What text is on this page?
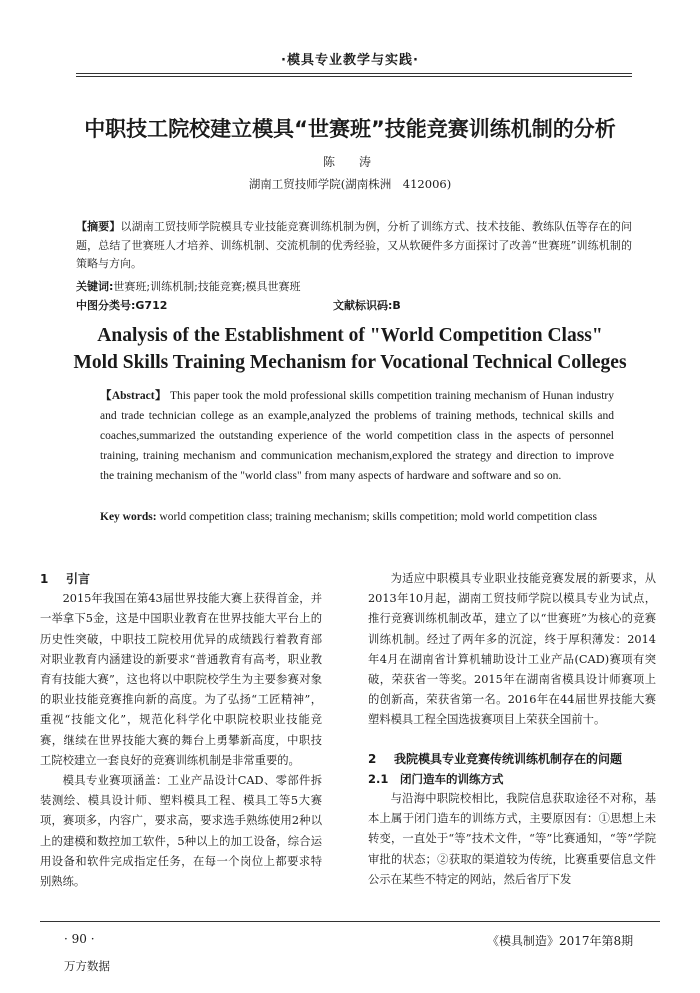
·模具专业教学与实践·
中职技工院校建立模具“世赛班”技能竞赛训练机制的分析
陈　涛
湖南工贸技师学院(湖南株洲　412006)
【摘要】以湖南工贸技师学院模具专业技能竞赛训练机制为例，分析了训练方式、技术技能、教练队伍等存在的问题，总结了世赛班人才培养、训练机制、交流机制的优秀经验，又从软硬件多方面探讨了改善“世赛班”训练机制的策略与方向。
关键词:世赛班;训练机制;技能竞赛;模具世赛班
中图分类号:G712	文献标识码:B
Analysis of the Establishment of "World Competition Class"
Mold Skills Training Mechanism for Vocational Technical Colleges
【Abstract】 This paper took the mold professional skills competition training mechanism of Hunan industry and trade technician college as an example,analyzed the problems of training methods, technical skills and coaches,summarized the outstanding experience of the world competition class in the aspects of personnel training, training mechanism and communication mechanism,explored the strategy and direction to improve the training mechanism of the "world class" from many aspects of hardware and software and so on.
Key words: world competition class; training mechanism; skills competition; mold world competition class
1 引言

2015年我国在第43届世界技能大赛上获得首金，并一举拿下5金，这是中国职业教育在世界技能大平台上的历史性突破，中职技工院校用优异的成绩践行着教育部对职业教育内涵建设的新要求“普通教育有高考，职业教育有技能大赛”，这也将以中职院校学生为主要参赛对象的职业技能竞赛推向新的高度。为了弘扬“工匠精神”，重视“技能文化”，规范化科学化中职院校职业技能竞赛，继续在世界技能大赛的舞台上勇攀新高度，中职技工院校建立一套良好的竞赛训练机制是非常重要的。

模具专业赛项涵盖：工业产品设计CAD、零部件拆装测绘、模具设计师、塑料模具工程、模具工等5大赛项，赛项多，内容广，要求高，要求选手熟练使用2种以上的建模和数控加工软件，5种以上的加工设备，综合运用设备和软件完成指定任务，在每一个岗位上都要求特别熟练。

为适应中职模具专业职业技能竞赛发展的新要求，从2013年10月起，湖南工贸技师学院以模具专业为试点，推行竞赛训练机制改革，建立了以“世赛班”为核心的竞赛训练机制。经过了两年多的沉淀，终于厚积薄发：2014年4月在湖南省计算机辅助设计工业产品(CAD)赛项有突破，荣获省一等奖。2015年在湖南省模具设计师赛项上的创新高，荣获省第一名。2016年在44届世界技能大赛塑料模具工程全国选拔赛项目上荣获全国前十。

2 我院模具专业竞赛传统训练机制存在的问题
2.1 闭门造车的训练方式

与沿海中职院校相比，我院信息获取途径不对称，基本上属于闭门造车的训练方式，主要原因有：①思想上未转变，一直处于“等”技术文件，“等”比赛通知，“等”学院审批的状态；②获取的渠道较为传统，比赛重要信息文件公示在某些不特定的网站，然后省厅下发

· 90 ·	《模具制造》2017年第8期
万方数据
